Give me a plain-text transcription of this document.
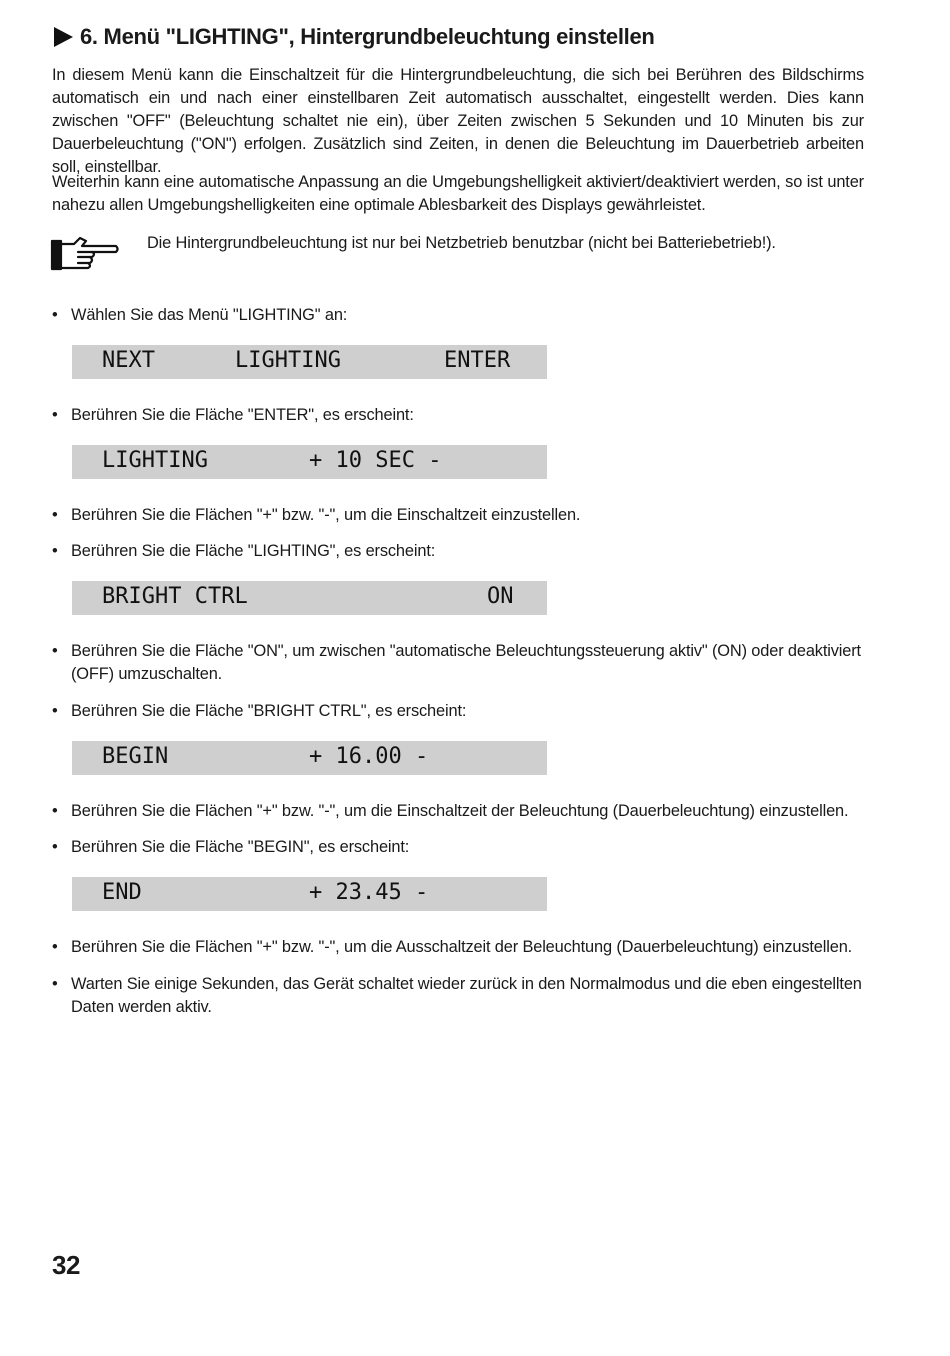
6. Menü "LIGHTING", Hintergrundbeleuchtung einstellen
In diesem Menü kann die Einschaltzeit für die Hintergrundbeleuchtung, die sich bei Berühren des Bildschirms automatisch ein und nach einer einstellbaren Zeit automatisch ausschaltet, eingestellt werden. Dies kann zwischen "OFF" (Beleuchtung schaltet nie ein), über Zeiten zwischen 5 Sekunden und 10 Minuten bis zur Dauerbeleuchtung ("ON") erfolgen. Zusätzlich sind Zeiten, in denen die Beleuchtung im Dauerbetrieb arbeiten soll, einstellbar.
Weiterhin kann eine automatische Anpassung an die Umgebungshelligkeit aktiviert/deaktiviert werden, so ist unter nahezu allen Umgebungshelligkeiten eine optimale Ablesbarkeit des Displays gewährleistet.
Die Hintergrundbeleuchtung ist nur bei Netzbetrieb benutzbar (nicht bei Batteriebetrieb!).
• Wählen Sie das Menü "LIGHTING" an:
NEXT	LIGHTING	ENTER
• Berühren Sie die Fläche "ENTER", es erscheint:
LIGHTING	+ 10 SEC -
• Berühren Sie die Flächen "+" bzw. "-", um die Einschaltzeit einzustellen.
• Berühren Sie die Fläche "LIGHTING", es erscheint:
BRIGHT CTRL	ON
• Berühren Sie die Fläche "ON", um zwischen "automatische Beleuchtungssteuerung aktiv" (ON) oder deaktiviert (OFF) umzuschalten.
• Berühren Sie die Fläche "BRIGHT CTRL", es erscheint:
BEGIN	+ 16.00 -
• Berühren Sie die Flächen "+" bzw. "-", um die Einschaltzeit der Beleuchtung (Dauerbeleuchtung) einzustellen.
• Berühren Sie die Fläche "BEGIN", es erscheint:
END	+ 23.45 -
• Berühren Sie die Flächen "+" bzw. "-", um die Ausschaltzeit der Beleuchtung (Dauerbeleuchtung) einzustellen.
• Warten Sie einige Sekunden, das Gerät schaltet wieder zurück in den Normalmodus und die eben eingestellten Daten werden aktiv.
32
